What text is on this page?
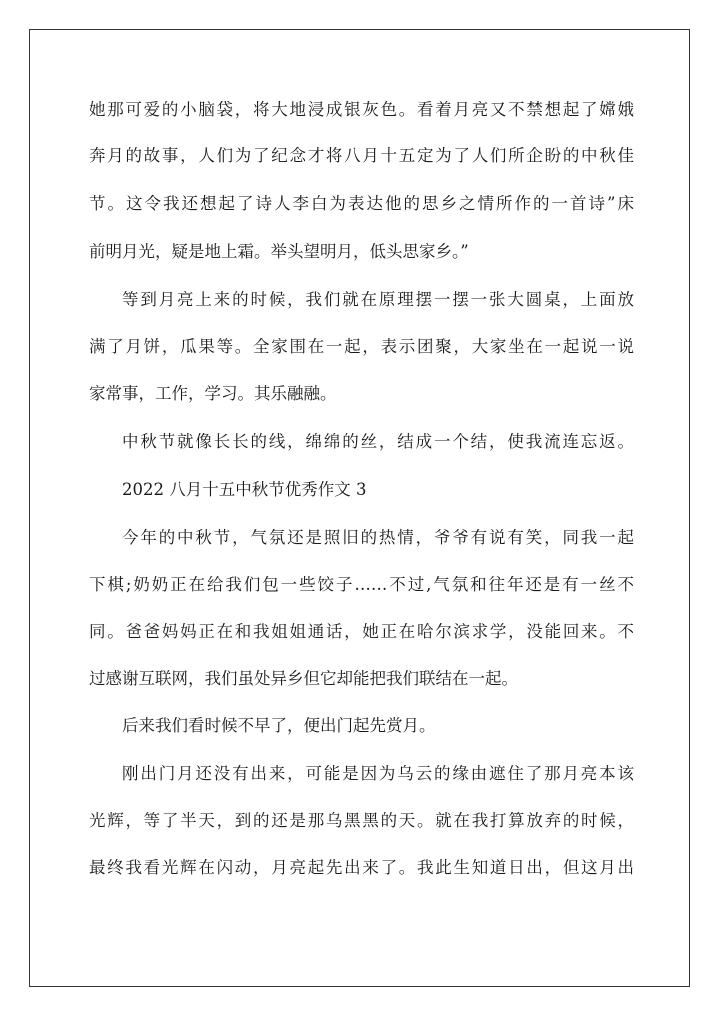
她那可爱的小脑袋，将大地浸成银灰色。看着月亮又不禁想起了嫦娥
奔月的故事，人们为了纪念才将八月十五定为了人们所企盼的中秋佳
节。这令我还想起了诗人李白为表达他的思乡之情所作的一首诗”床
前明月光，疑是地上霜。举头望明月，低头思家乡。”
等到月亮上来的时候，我们就在原理摆一摆一张大圆桌，上面放
满了月饼，瓜果等。全家围在一起，表示团聚，大家坐在一起说一说
家常事，工作，学习。其乐融融。
中秋节就像长长的线，绵绵的丝，结成一个结，使我流连忘返。
2022 八月十五中秋节优秀作文 3
今年的中秋节，气氛还是照旧的热情，爷爷有说有笑，同我一起
下棋;奶奶正在给我们包一些饺子……不过,气氛和往年还是有一丝不
同。爸爸妈妈正在和我姐姐通话，她正在哈尔滨求学，没能回来。不
过感谢互联网，我们虽处异乡但它却能把我们联结在一起。
后来我们看时候不早了，便出门起先赏月。
刚出门月还没有出来，可能是因为乌云的缘由遮住了那月亮本该
光辉，等了半天，到的还是那乌黑黑的天。就在我打算放弃的时候，
最终我看光辉在闪动，月亮起先出来了。我此生知道日出，但这月出
